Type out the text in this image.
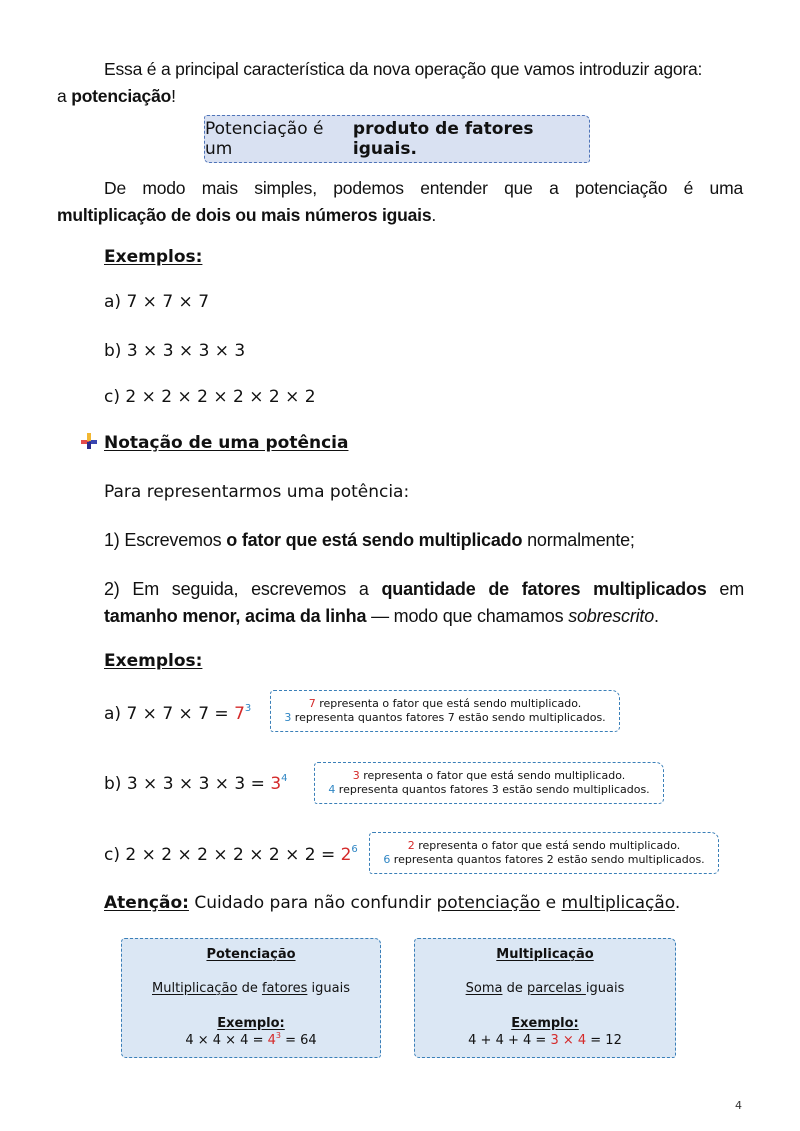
Essa é a principal característica da nova operação que vamos introduzir agora:
a potenciação!
Potenciação é um

produto de fatores iguais.
De modo mais simples, podemos entender que a potenciação é uma
multiplicação de dois ou mais números iguais.
Exemplos:
a) 7 × 7 × 7
b) 3 × 3 × 3 × 3
c) 2 × 2 × 2 × 2 × 2 × 2
Notação de uma potência
Para representarmos uma potência:
1) Escrevemos o fator que está sendo multiplicado normalmente;
2) Em seguida, escrevemos a quantidade de fatores multiplicados em
tamanho menor, acima da linha — modo que chamamos sobrescrito.
Exemplos:
a) $7 \times 7 \times 7 = 7^3$	7 representa o fator que está sendo multiplicado.
3 representa quantos fatores 7 estão sendo multiplicados.
b) $3 \times 3 \times 3 \times 3 = 3^4$	3 representa o fator que está sendo multiplicado.
4 representa quantos fatores 3 estão sendo multiplicados.
c) $2 \times 2 \times 2 \times 2 \times 2 \times 2 = 2^6$	2 representa o fator que está sendo multiplicado.
6 representa quantos fatores 2 estão sendo multiplicados.
Atenção: Cuidado para não confundir potenciação e multiplicação.
Potenciação
Multiplicação de fatores iguais
Exemplo:
$4 \times 4 \times 4 = 4^3 = 64$
Multiplicação
Soma de parcelas iguais
Exemplo:
4 + 4 + 4 = 3 × 4 = 12
4
